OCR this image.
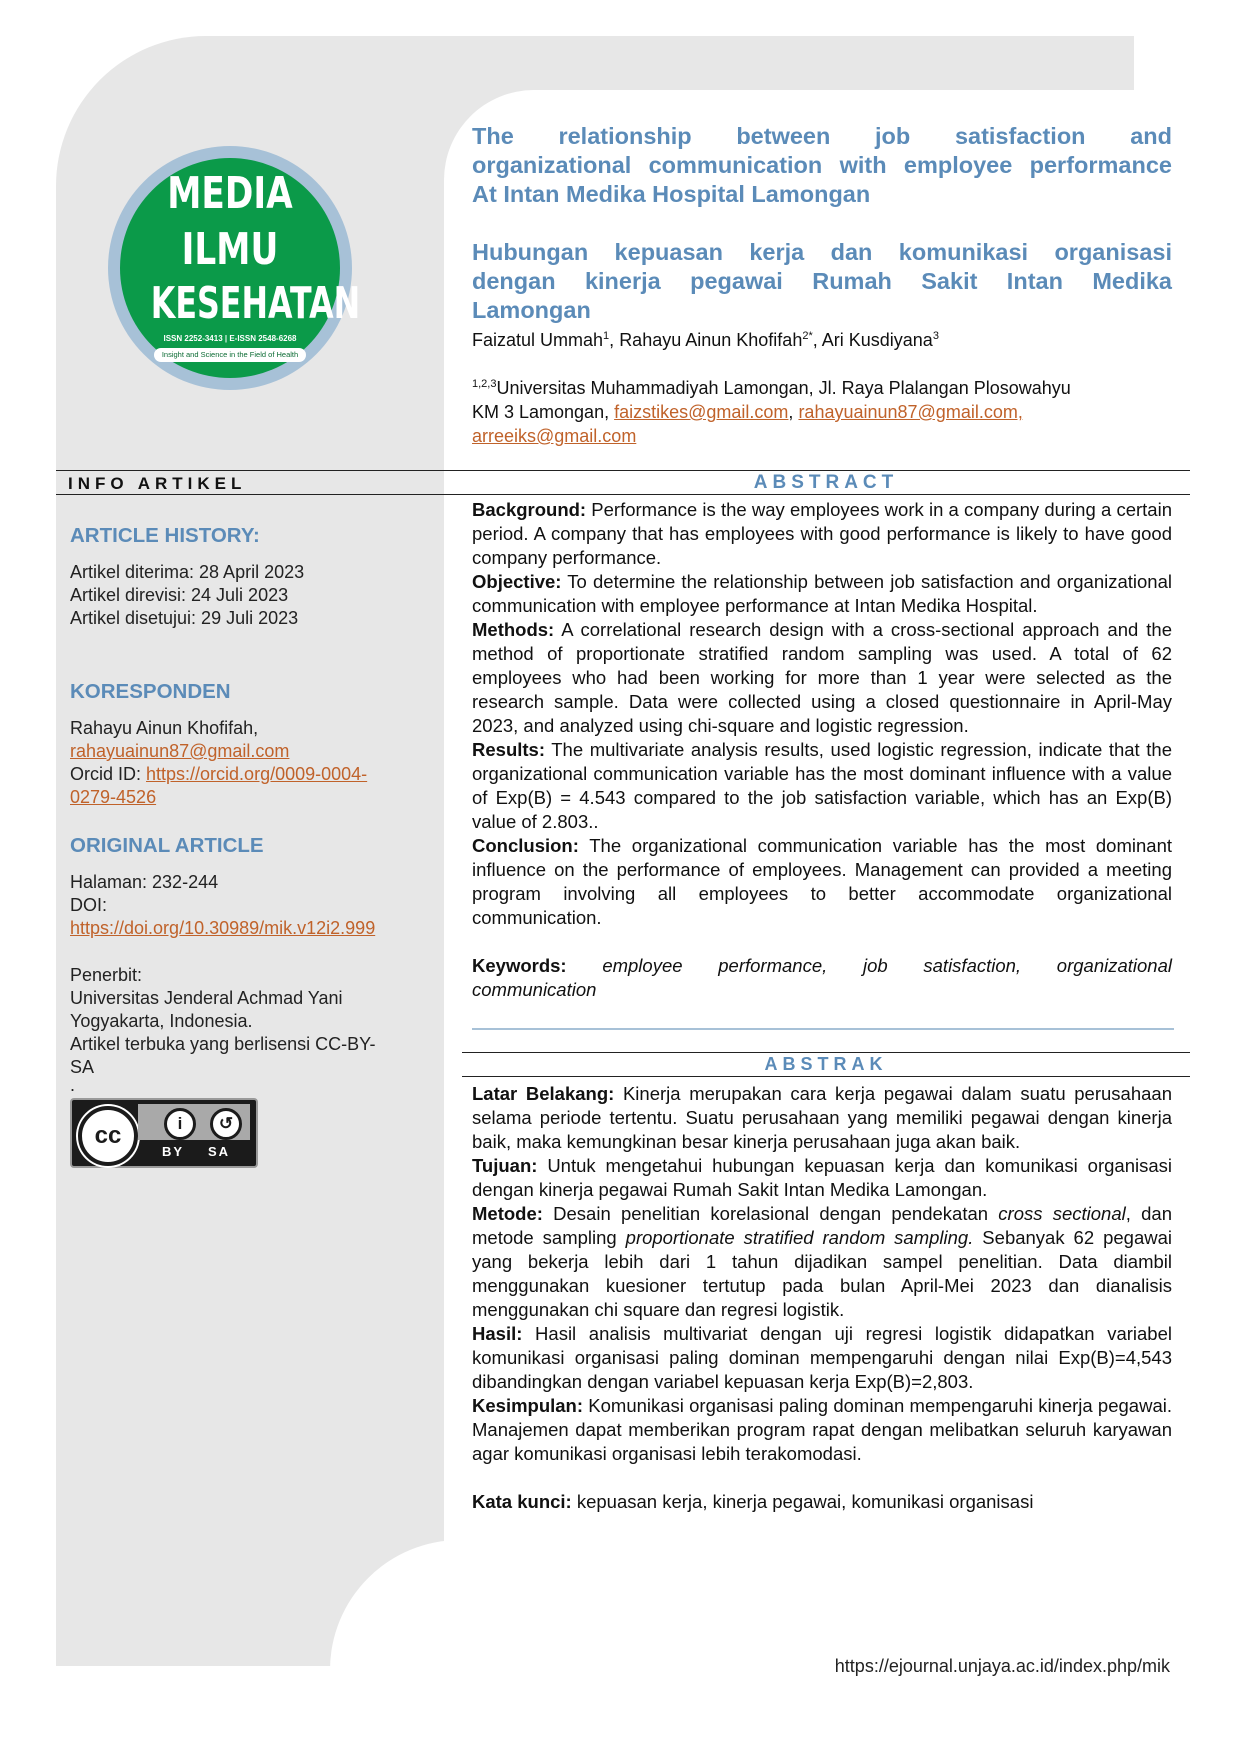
MEDIA
ILMU
KESEHATAN
ISSN 2252-3413 | E-ISSN 2548-6268
Insight and Science in the Field of Health
The relationship between job satisfaction and
organizational communication with employee performance
At Intan Medika Hospital Lamongan
Hubungan kepuasan kerja dan komunikasi organisasi
dengan kinerja pegawai Rumah Sakit Intan Medika
Lamongan
Faizatul Ummah$^1$, Rahayu Ainun Khofifah$^{2*}$, Ari Kusdiyana$^3$
$^{1,2,3}$Universitas Muhammadiyah Lamongan, Jl. Raya Plalangan Plosowahyu
KM 3 Lamongan, faizstikes@gmail.com, rahayuainun87@gmail.com,
arreeiks@gmail.com
INFO ARTIKEL	ABSTRACT
ARTICLE HISTORY:
Artikel diterima: 28 April 2023
Artikel direvisi: 24 Juli 2023
Artikel disetujui: 29 Juli 2023
KORESPONDEN
Rahayu Ainun Khofifah,
rahayuainun87@gmail.com
Orcid ID: https://orcid.org/0009-0004-
0279-4526
ORIGINAL ARTICLE
Halaman: 232-244
DOI:
https://doi.org/10.30989/mik.v12i2.999
Penerbit:
Universitas Jenderal Achmad Yani
Yogyakarta, Indonesia.
Artikel terbuka yang berlisensi CC-BY-
SA
.
cc	i	↺
BY SA

Background: Performance is the way employees work in a company during a certain period. A company that has employees with good performance is likely to have good company performance.

Objective: To determine the relationship between job satisfaction and organizational communication with employee performance at Intan Medika Hospital.

Methods: A correlational research design with a cross-sectional approach and the method of proportionate stratified random sampling was used. A total of 62 employees who had been working for more than 1 year were selected as the research sample. Data were collected using a closed questionnaire in April-May 2023, and analyzed using chi-square and logistic regression.

Results: The multivariate analysis results, used logistic regression, indicate that the organizational communication variable has the most dominant influence with a value of Exp(B) = 4.543 compared to the job satisfaction variable, which has an Exp(B) value of 2.803..

Conclusion: The organizational communication variable has the most dominant influence on the performance of employees. Management can provided a meeting program involving all employees to better accommodate organizational communication.

Keywords: employee performance, job satisfaction, organizational
communication

ABSTRAK

Latar Belakang: Kinerja merupakan cara kerja pegawai dalam suatu perusahaan selama periode tertentu. Suatu perusahaan yang memiliki pegawai dengan kinerja baik, maka kemungkinan besar kinerja perusahaan juga akan baik.

Tujuan: Untuk mengetahui hubungan kepuasan kerja dan komunikasi organisasi dengan kinerja pegawai Rumah Sakit Intan Medika Lamongan.

Metode: Desain penelitian korelasional dengan pendekatan cross sectional, dan metode sampling proportionate stratified random sampling. Sebanyak 62 pegawai yang bekerja lebih dari 1 tahun dijadikan sampel penelitian. Data diambil menggunakan kuesioner tertutup pada bulan April-Mei 2023 dan dianalisis menggunakan chi square dan regresi logistik.

Hasil: Hasil analisis multivariat dengan uji regresi logistik didapatkan variabel komunikasi organisasi paling dominan mempengaruhi dengan nilai Exp(B)=4,543 dibandingkan dengan variabel kepuasan kerja Exp(B)=2,803.

Kesimpulan: Komunikasi organisasi paling dominan mempengaruhi kinerja pegawai. Manajemen dapat memberikan program rapat dengan melibatkan seluruh karyawan agar komunikasi organisasi lebih terakomodasi.

Kata kunci: kepuasan kerja, kinerja pegawai, komunikasi organisasi

https://ejournal.unjaya.ac.id/index.php/mik
